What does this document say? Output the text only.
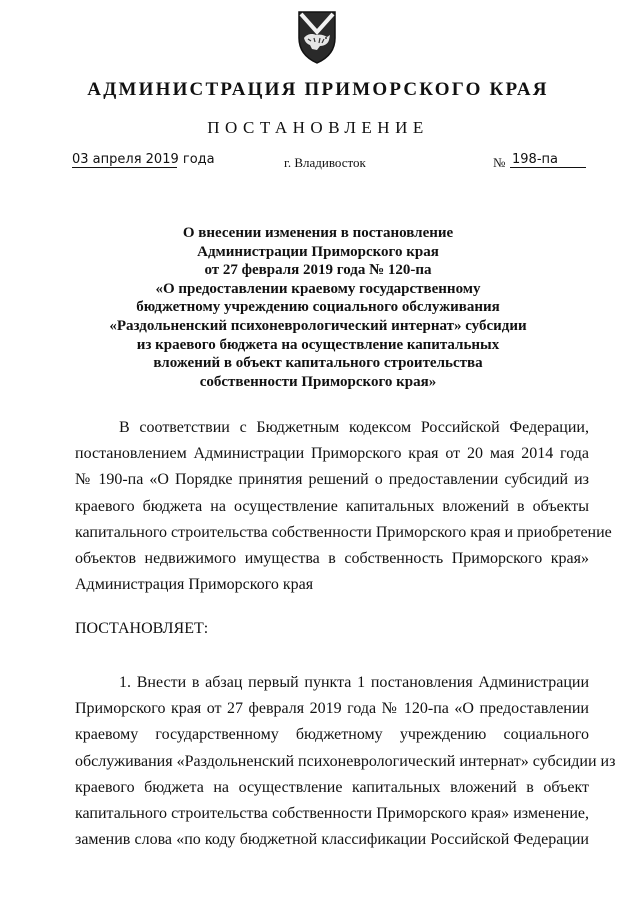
АДМИНИСТРАЦИЯ ПРИМОРСКОГО КРАЯ
ПОСТАНОВЛЕНИЕ
03 апреля 2019 года	г. Владивосток	№ 198-па
О внесении изменения в постановление
Администрации Приморского края
от 27 февраля 2019 года № 120-па
«О предоставлении краевому государственному
бюджетному учреждению социального обслуживания
«Раздольненский психоневрологический интернат» субсидии
из краевого бюджета на осуществление капитальных
вложений в объект капитального строительства
собственности Приморского края»
В соответствии с Бюджетным кодексом Российской Федерации,
постановлением Администрации Приморского края от 20 мая 2014 года
№ 190-па «О Порядке принятия решений о предоставлении субсидий из
краевого бюджета на осуществление капитальных вложений в объекты
капитального строительства собственности Приморского края и приобретение
объектов недвижимого имущества в собственность Приморского края»
Администрация Приморского края
ПОСТАНОВЛЯЕТ:
1. Внести в абзац первый пункта 1 постановления Администрации
Приморского края от 27 февраля 2019 года № 120-па «О предоставлении
краевому государственному бюджетному учреждению социального
обслуживания «Раздольненский психоневрологический интернат» субсидии из
краевого бюджета на осуществление капитальных вложений в объект
капитального строительства собственности Приморского края» изменение,
заменив слова «по коду бюджетной классификации Российской Федерации
